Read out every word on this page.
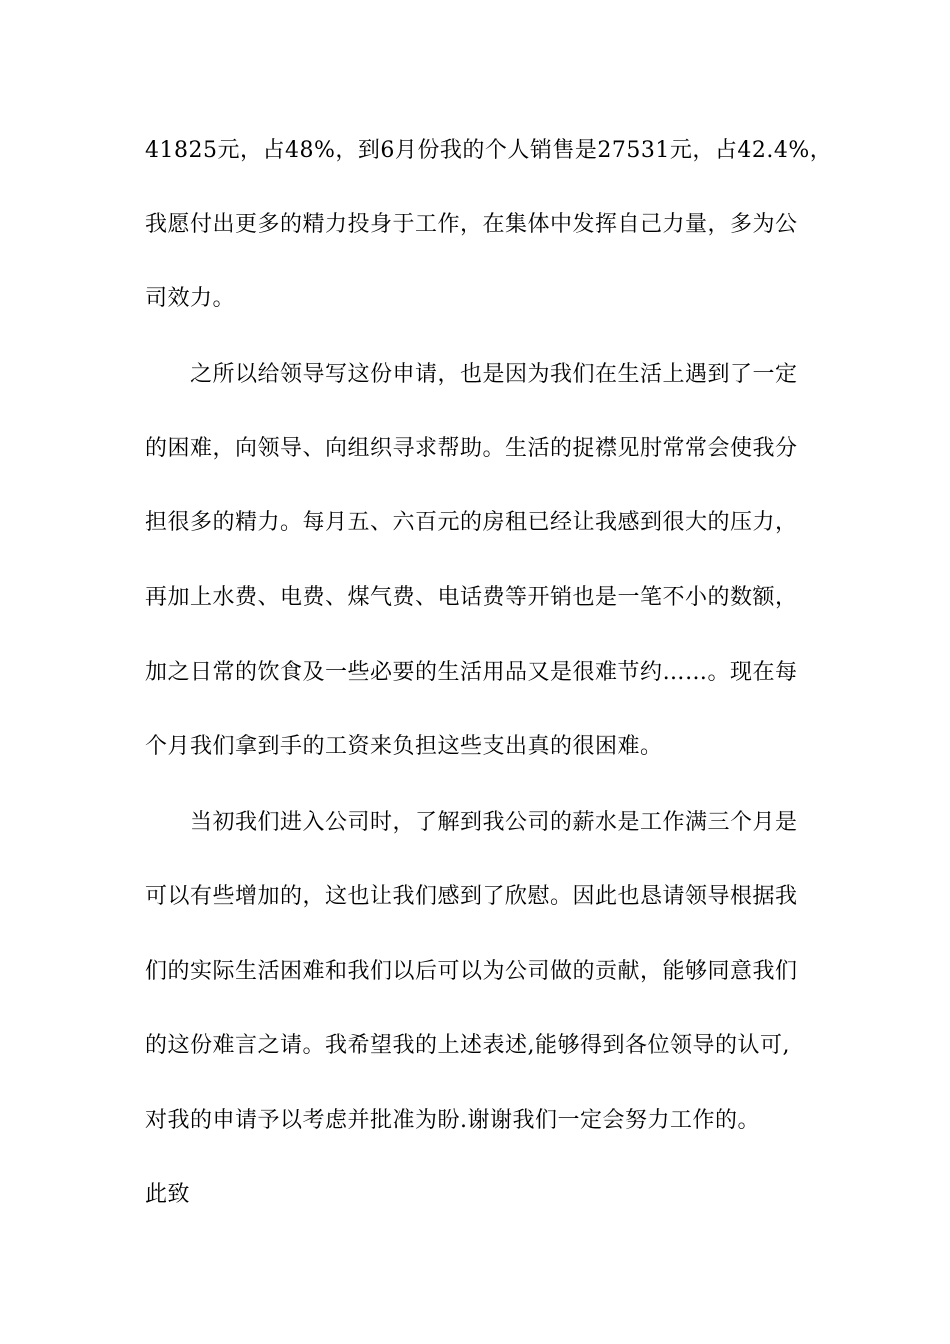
41825元，占48%，到6月份我的个人销售是27531元，占42.4%，
我愿付出更多的精力投身于工作，在集体中发挥自己力量，多为公
司效力。
之所以给领导写这份申请，也是因为我们在生活上遇到了一定
的困难，向领导、向组织寻求帮助。生活的捉襟见肘常常会使我分
担很多的精力。每月五、六百元的房租已经让我感到很大的压力，
再加上水费、电费、煤气费、电话费等开销也是一笔不小的数额，
加之日常的饮食及一些必要的生活用品又是很难节约……。现在每
个月我们拿到手的工资来负担这些支出真的很困难。
当初我们进入公司时，了解到我公司的薪水是工作满三个月是
可以有些增加的，这也让我们感到了欣慰。因此也恳请领导根据我
们的实际生活困难和我们以后可以为公司做的贡献，能够同意我们
的这份难言之请。我希望我的上述表述,能够得到各位领导的认可,
对我的申请予以考虑并批准为盼.谢谢我们一定会努力工作的。
此致
